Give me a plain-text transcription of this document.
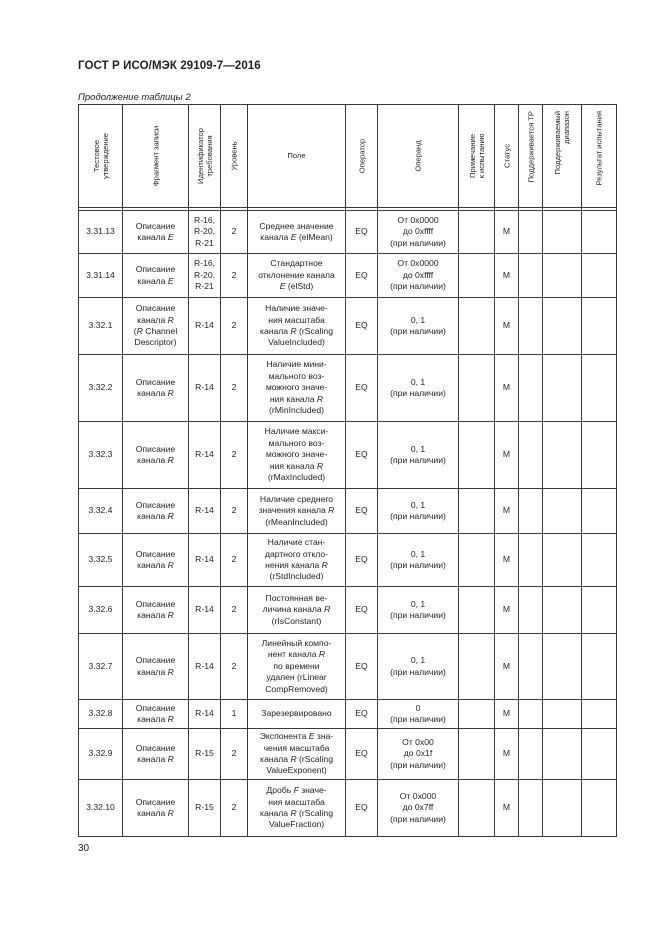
ГОСТ Р ИСО/МЭК 29109-7—2016
Продолжение таблицы 2
Тестовое
утверждение	Фрагмент записи	Идентификатор
требования	Уровень	Поле	Оператор	Операнд	Примечание
к испытанию	Статус	Поддерживается ТР	Поддерживаемый
диапазон	Результат испытания

3.31.13	Описание
канала E	R-16,
R-20,
R-21	2	Среднее значение
канала E (elMean)	EQ	От 0x0000
до 0xffff
(при наличии)		M			
3.31.14	Описание
канала E	R-16,
R-20,
R-21	2	Стандартное
отклонение канала
E (elStd)	EQ	От 0x0000
до 0xffff
(при наличии)		M			
3.32.1	Описание
канала R
(R Channel
Descriptor)	R-14	2	Наличие значе-
ния масштаба
канала R (rScaling
ValueIncluded)	EQ	0, 1
(при наличии)		M			
3.32.2	Описание
канала R	R-14	2	Наличие мини-
мального воз-
можного значе-
ния канала R
(rMinIncluded)	EQ	0, 1
(при наличии)		M			
3.32.3	Описание
канала R	R-14	2	Наличие макси-
мального воз-
можного значе-
ния канала R
(rMaxIncluded)	EQ	0, 1
(при наличии)		M			
3.32.4	Описание
канала R	R-14	2	Наличие среднего
значения канала R
(rMeanIncluded)	EQ	0, 1
(при наличии)		M			
3.32.5	Описание
канала R	R-14	2	Наличие стан-
дартного откло-
нения канала R
(rStdIncluded)	EQ	0, 1
(при наличии)		M			
3.32.6	Описание
канала R	R-14	2	Постоянная ве-
личина канала R
(rIsConstant)	EQ	0, 1
(при наличии)		M			
3.32.7	Описание
канала R	R-14	2	Линейный компо-
нент канала R
по времени
удален (rLinear
CompRemoved)	EQ	0, 1
(при наличии)		M			
3.32.8	Описание
канала R	R-14	1	Зарезервировано	EQ	0
(при наличии)		M			
3.32.9	Описание
канала R	R-15	2	Экспонента E зна-
чения масштаба
канала R (rScaling
ValueExponent)	EQ	От 0x00
до 0x1f
(при наличии)		M			
3.32.10	Описание
канала R	R-15	2	Дробь F значе-
ния масштаба
канала R (rScaling
ValueFraction)	EQ	От 0x000
до 0x7ff
(при наличии)		M			
30
